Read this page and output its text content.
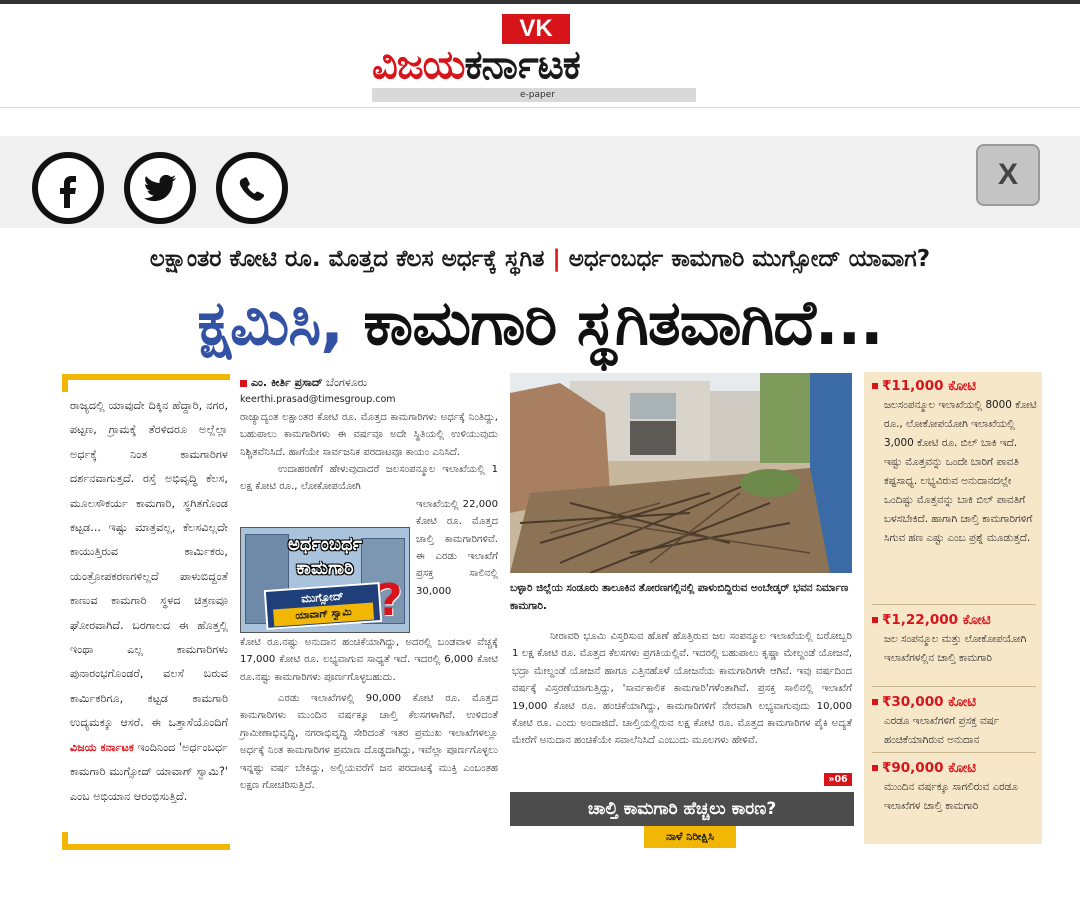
VK
ವಿಜಯಕರ್ನಾಟಕ
e-paper
X
ಲಕ್ಷಾಂತರ ಕೋಟಿ ರೂ. ಮೊತ್ತದ ಕೆಲಸ ಅರ್ಧಕ್ಕೆ ಸ್ಥಗಿತ | ಅರ್ಧಂಬರ್ಧ ಕಾಮಗಾರಿ ಮುಗ್ಸೋದ್ ಯಾವಾಗ?
ಕ್ಷಮಿಸಿ, ಕಾಮಗಾರಿ ಸ್ಥಗಿತವಾಗಿದೆ...
ರಾಜ್ಯದಲ್ಲಿ ಯಾವುದೇ ದಿಕ್ಕಿನ ಹೆದ್ದಾರಿ, ನಗರ, ಪಟ್ಟಣ, ಗ್ರಾಮಕ್ಕೆ ತೆರಳಿದರೂ ಅಲ್ಲೆಲ್ಲಾ ಅರ್ಧಕ್ಕೆ ನಿಂತ ಕಾಮಗಾರಿಗಳ ದರ್ಶನವಾಗುತ್ತದೆ. ರಸ್ತೆ ಅಭಿವೃದ್ಧಿ ಕೆಲಸ, ಮೂಲಸೌಕರ್ಯ ಕಾಮಗಾರಿ, ಸ್ಥಗಿತಗೊಂಡ ಕಟ್ಟಡ... ಇಷ್ಟು ಮಾತ್ರವಲ್ಲ, ಕೆಲಸವಿಲ್ಲದೇ ಕಾಯುತ್ತಿರುವ ಕಾರ್ಮಿಕರು, ಯಂತ್ರೋಪಕರಣಗಳಿಲ್ಲದೆ ಪಾಳುಬಿದ್ದಂತೆ ಕಾಣುವ ಕಾಮಗಾರಿ ಸ್ಥಳದ ಚಿತ್ರಣವೂ ಘೋರವಾಗಿದೆ. ಬರಗಾಲದ ಈ ಹೊತ್ತಲ್ಲಿ ಇಂಥಾ ಎಲ್ಲ ಕಾಮಗಾರಿಗಳು ಪುನಾರಂಭಗೊಂಡರೆ, ವಲಸೆ ಬರುವ ಕಾರ್ಮಿಕರಿಗೂ, ಕಟ್ಟಡ ಕಾಮಗಾರಿ ಉದ್ಯಮಕ್ಕೂ ಆಸರೆ. ಈ ಒತ್ತಾಸೆಯೊಂದಿಗೆ ವಿಜಯ ಕರ್ನಾಟಕ ಇಂದಿನಿಂದ 'ಅರ್ಧಂಬರ್ಧ ಕಾಮಗಾರಿ ಮುಗ್ಸೋದ್ ಯಾವಾಗ್ ಸ್ವಾಮಿ?' ಎಂಬ ಅಭಿಯಾನ ಆರಂಭಿಸುತ್ತಿದೆ.
ಎಂ. ಕೀರ್ತಿ ಪ್ರಸಾದ್ ಬೆಂಗಳೂರು
keerthi.prasad@timesgroup.com
ರಾಜ್ಯಾದ್ಯಂತ ಲಕ್ಷಾಂತರ ಕೋಟಿ ರೂ. ಮೊತ್ತದ ಕಾಮಗಾರಿಗಳು ಅರ್ಧಕ್ಕೆ ನಿಂತಿದ್ದು, ಬಹುಪಾಲು ಕಾಮಗಾರಿಗಳು ಈ ವರ್ಷವೂ ಅದೇ ಸ್ಥಿತಿಯಲ್ಲಿ ಉಳಿಯುವುದು ನಿಶ್ಚಿತವೆನಿಸಿದೆ. ಹಾಗೆಯೇ ಸಾರ್ವಜನಿಕ ಪರದಾಟವೂ ಕಾಯಂ ಎನಿಸಿದೆ.
ಉದಾಹರಣೆಗೆ ಹೇಳುವುದಾದರೆ ಜಲಸಂಪನ್ಮೂಲ ಇಲಾಖೆಯಲ್ಲಿ 1 ಲಕ್ಷ ಕೋಟಿ ರೂ., ಲೋಕೋಪಯೋಗಿ
ಇಲಾಖೆಯಲ್ಲಿ 22,000 ಕೋಟಿ ರೂ. ಮೊತ್ತದ ಚಾಲ್ತಿ ಕಾಮಗಾರಿಗಳಿವೆ. ಈ ಎರಡು ಇಲಾಖೆಗೆ ಪ್ರಸಕ್ತ ಸಾಲಿನಲ್ಲಿ 30,000
ಕೋಟಿ ರೂ.ನಷ್ಟು ಅನುದಾನ ಹಂಚಿಕೆಯಾಗಿದ್ದು, ಅದರಲ್ಲಿ ಬಂಡವಾಳ ವೆಚ್ಚಕ್ಕೆ 17,000 ಕೋಟಿ ರೂ. ಲಭ್ಯವಾಗುವ ಸಾಧ್ಯತೆ ಇದೆ. ಇದರಲ್ಲಿ 6,000 ಕೋಟಿ ರೂ.ನಷ್ಟು ಕಾಮಗಾರಿಗಳು ಪೂರ್ಣಗೊಳ್ಳಬಹುದು.
ಎರಡು ಇಲಾಖೆಗಳಲ್ಲಿ 90,000 ಕೋಟಿ ರೂ. ಮೊತ್ತದ ಕಾಮಗಾರಿಗಳು ಮುಂದಿನ ವರ್ಷಕ್ಕೂ ಚಾಲ್ತಿ ಕೆಲಸಗಳಾಗಿವೆ. ಉಳಿದಂತೆ ಗ್ರಾಮೀಣಾಭಿವೃದ್ಧಿ, ನಗರಾಭಿವೃದ್ಧಿ ಸೇರಿದಂತೆ ಇತರ ಪ್ರಮುಖ ಇಲಾಖೆಗಳಲ್ಲೂ ಅರ್ಧಕ್ಕೆ ನಿಂತ ಕಾಮಗಾರಿಗಳ ಪ್ರಮಾಣ ದೊಡ್ಡದಾಗಿದ್ದು, ಇವೆಲ್ಲಾ ಪೂರ್ಣಗೊಳ್ಳಲು ಇನ್ನಷ್ಟು ವರ್ಷ ಬೇಕಿದ್ದು, ಅಲ್ಲಿಯವರೆಗೆ ಜನ ಪರದಾಟಕ್ಕೆ ಮುಕ್ತಿ ಎಂಬಂತಹ ಲಕ್ಷಣ ಗೋಚರಿಸುತ್ತಿದೆ.
ಅರ್ಧಂಬರ್ಧ
ಕಾಮಗಾರಿ
ಮುಗ್ಸೋದ್
ಯಾವಾಗ್ ಸ್ವಾಮಿ ?	ಬಳ್ಳಾರಿ ಜಿಲ್ಲೆಯ ಸಂಡೂರು ತಾಲೂಕಿನ ತೋರಣಗಲ್ಲಿನಲ್ಲಿ ಪಾಳುಬಿದ್ದಿರುವ ಅಂಬೇಡ್ಕರ್ ಭವನ ನಿರ್ಮಾಣ ಕಾಮಗಾರಿ.
ನೀರಾವರಿ ಭೂಮಿ ವಿಸ್ತರಿಸುವ ಹೊಣೆ ಹೊತ್ತಿರುವ ಜಲ ಸಂಪನ್ಮೂಲ ಇಲಾಖೆಯಲ್ಲಿ ಬರೋಬ್ಬರಿ 1 ಲಕ್ಷ ಕೋಟಿ ರೂ. ಮೊತ್ತದ ಕೆಲಸಗಳು ಪ್ರಗತಿಯಲ್ಲಿವೆ. ಇದರಲ್ಲಿ ಬಹುಪಾಲು ಕೃಷ್ಣಾ ಮೇಲ್ದಂಡೆ ಯೋಜನೆ, ಭದ್ರಾ ಮೇಲ್ದಂಡೆ ಯೋಜನೆ ಹಾಗೂ ಎತ್ತಿನಹೊಳೆ ಯೋಜನೆಯ ಕಾಮಗಾರಿಗಳೇ ಆಗಿವೆ. ಇವು ವರ್ಷದಿಂದ ವರ್ಷಕ್ಕೆ ವಿಸ್ತರಣೆಯಾಗುತ್ತಿದ್ದು, 'ಸಾರ್ವಕಾಲಿಕ ಕಾಮಗಾರಿ'ಗಳೆಂತಾಗಿವೆ. ಪ್ರಸಕ್ತ ಸಾಲಿನಲ್ಲಿ ಇಲಾಖೆಗೆ 19,000 ಕೋಟಿ ರೂ. ಹಂಚಿಕೆಯಾಗಿದ್ದು, ಕಾಮಗಾರಿಗಳಿಗೆ ನೇರವಾಗಿ ಲಭ್ಯವಾಗುವುದು 10,000 ಕೋಟಿ ರೂ. ಎಂದು ಅಂದಾಜಿದೆ. ಚಾಲ್ತಿಯಲ್ಲಿರುವ ಲಕ್ಷ ಕೋಟಿ ರೂ. ಮೊತ್ತದ ಕಾಮಗಾರಿಗಳ ಪೈಕಿ ಅದ್ಯತೆ ಮೇರೆಗೆ ಅನುದಾನ ಹಂಚಿಕೆಯೇ ಸವಾಲೆನಿಸಿದೆ ಎಂಬುದು ಮೂಲಗಳು ಹೇಳಿವೆ.
»06
ಚಾಲ್ತಿ ಕಾಮಗಾರಿ ಹೆಚ್ಚಲು ಕಾರಣ?
ನಾಳೆ ನಿರೀಕ್ಷಿಸಿ
₹11,000 ಕೋಟಿ
ಜಲಸಂಪನ್ಮೂಲ ಇಲಾಖೆಯಲ್ಲಿ 8000 ಕೋಟಿ ರೂ., ಲೋಕೋಪಯೋಗಿ ಇಲಾಖೆಯಲ್ಲಿ 3,000 ಕೋಟಿ ರೂ. ಬಿಲ್ ಬಾಕಿ ಇದೆ. ಇಷ್ಟು ಮೊತ್ತವನ್ನು ಒಂದೇ ಬಾರಿಗೆ ಪಾವತಿ ಕಷ್ಟಸಾಧ್ಯ. ಲಭ್ಯವಿರುವ ಅನುದಾನದಲ್ಲೇ ಒಂದಿಷ್ಟು ಮೊತ್ತವನ್ನು ಬಾಕಿ ಬಿಲ್ ಪಾವತಿಗೆ ಬಳಸಬೇಕಿದೆ. ಹಾಗಾಗಿ ಚಾಲ್ತಿ ಕಾಮಗಾರಿಗಳಿಗೆ ಸಿಗುವ ಹಣ ಎಷ್ಟು ಎಂಬ ಪ್ರಶ್ನೆ ಮೂಡುತ್ತದೆ.
₹1,22,000 ಕೋಟಿ
ಜಲ ಸಂಪನ್ಮೂಲ ಮತ್ತು ಲೋಕೋಪಯೋಗಿ ಇಲಾಖೆಗಳಲ್ಲಿನ ಚಾಲ್ತಿ ಕಾಮಗಾರಿ
₹30,000 ಕೋಟಿ
ಎರಡೂ ಇಲಾಖೆಗಳಿಗೆ ಪ್ರಸಕ್ತ ವರ್ಷ ಹಂಚಿಕೆಯಾಗಿರುವ ಅನುದಾನ
₹90,000 ಕೋಟಿ
ಮುಂದಿನ ವರ್ಷಕ್ಕೂ ಸಾಗಲಿರುವ ಎರಡೂ ಇಲಾಖೆಗಳ ಚಾಲ್ತಿ ಕಾಮಗಾರಿ
